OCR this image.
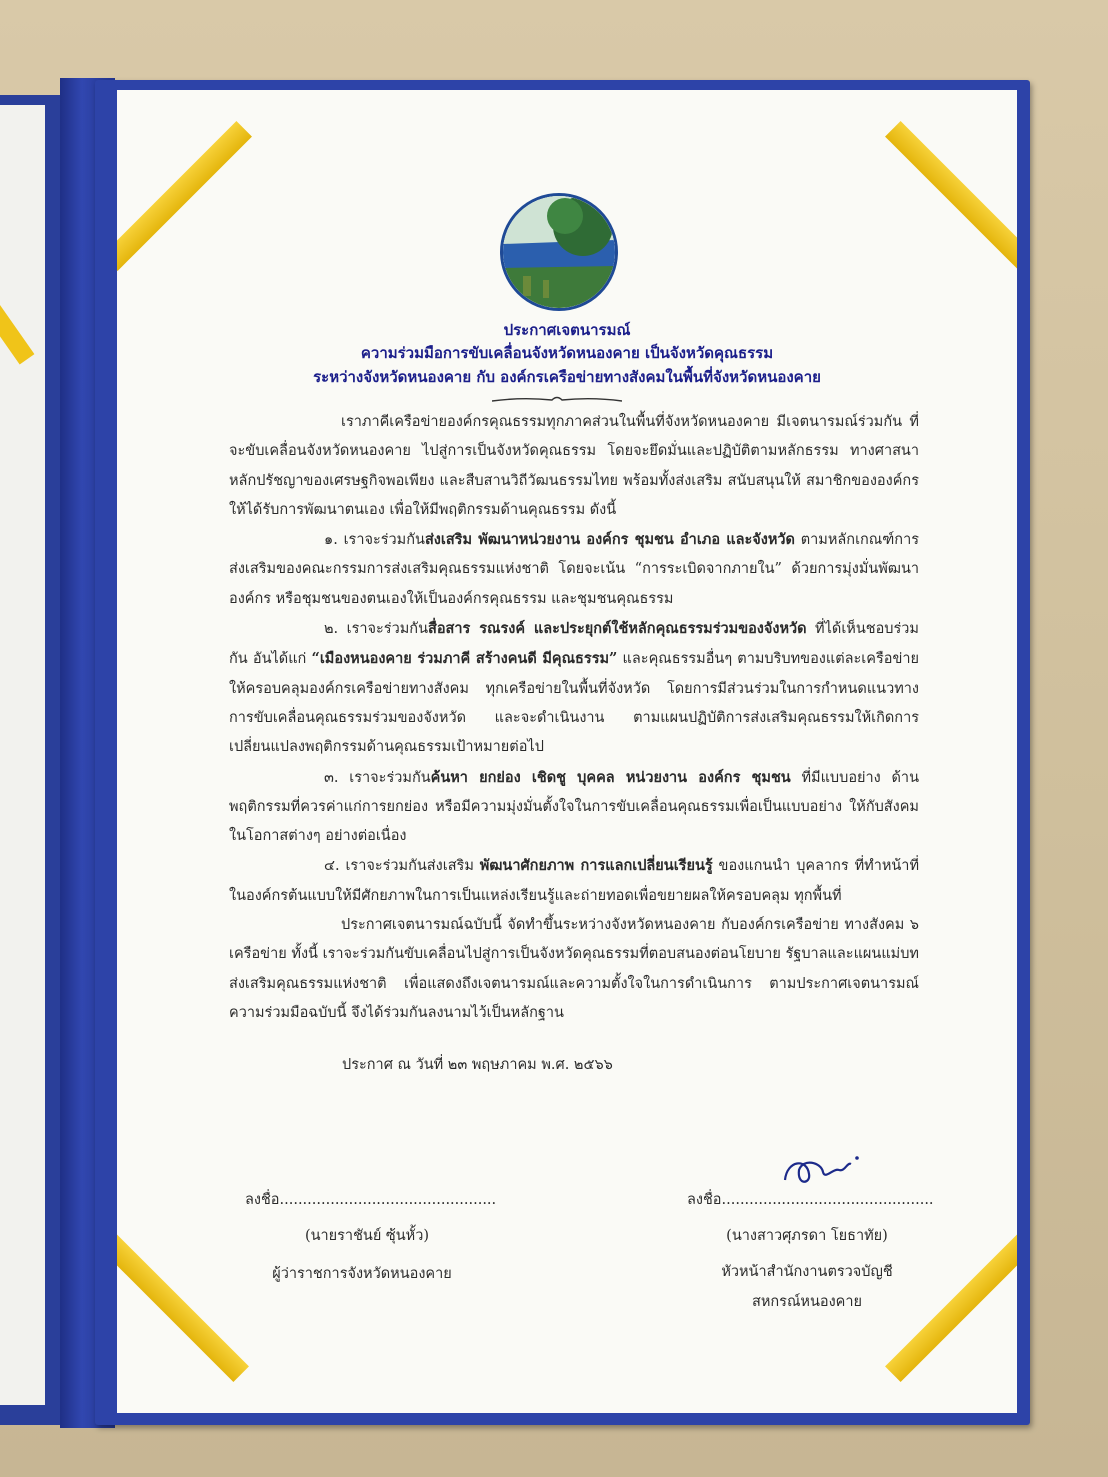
ประกาศเจตนารมณ์
ความร่วมมือการขับเคลื่อนจังหวัดหนองคาย เป็นจังหวัดคุณธรรม
ระหว่างจังหวัดหนองคาย กับ องค์กรเครือข่ายทางสังคมในพื้นที่จังหวัดหนองคาย

เราภาคีเครือข่ายองค์กรคุณธรรมทุกภาคส่วนในพื้นที่จังหวัดหนองคาย มีเจตนารมณ์ร่วมกัน ที่จะขับเคลื่อนจังหวัดหนองคาย ไปสู่การเป็นจังหวัดคุณธรรม โดยจะยึดมั่นและปฏิบัติตามหลักธรรม ทางศาสนา หลักปรัชญาของเศรษฐกิจพอเพียง และสืบสานวิถีวัฒนธรรมไทย พร้อมทั้งส่งเสริม สนับสนุนให้ สมาชิกขององค์กรให้ได้รับการพัฒนาตนเอง เพื่อให้มีพฤติกรรมด้านคุณธรรม ดังนี้

๑. เราจะร่วมกันส่งเสริม พัฒนาหน่วยงาน องค์กร ชุมชน อำเภอ และจังหวัด ตามหลักเกณฑ์การส่งเสริมของคณะกรรมการส่งเสริมคุณธรรมแห่งชาติ โดยจะเน้น “การระเบิดจากภายใน” ด้วยการมุ่งมั่นพัฒนาองค์กร หรือชุมชนของตนเองให้เป็นองค์กรคุณธรรม และชุมชนคุณธรรม

๒. เราจะร่วมกันสื่อสาร รณรงค์ และประยุกต์ใช้หลักคุณธรรมร่วมของจังหวัด ที่ได้เห็นชอบร่วมกัน อันได้แก่ “เมืองหนองคาย ร่วมภาคี สร้างคนดี มีคุณธรรม” และคุณธรรมอื่นๆ ตามบริบทของแต่ละเครือข่าย ให้ครอบคลุมองค์กรเครือข่ายทางสังคม ทุกเครือข่ายในพื้นที่จังหวัด โดยการมีส่วนร่วมในการกำหนดแนวทางการขับเคลื่อนคุณธรรมร่วมของจังหวัด และจะดำเนินงาน ตามแผนปฏิบัติการส่งเสริมคุณธรรมให้เกิดการเปลี่ยนแปลงพฤติกรรมด้านคุณธรรมเป้าหมายต่อไป

๓. เราจะร่วมกันค้นหา ยกย่อง เชิดชู บุคคล หน่วยงาน องค์กร ชุมชน ที่มีแบบอย่าง ด้านพฤติกรรมที่ควรค่าแก่การยกย่อง หรือมีความมุ่งมั่นตั้งใจในการขับเคลื่อนคุณธรรมเพื่อเป็นแบบอย่าง ให้กับสังคม ในโอกาสต่างๆ อย่างต่อเนื่อง

๔. เราจะร่วมกันส่งเสริม พัฒนาศักยภาพ การแลกเปลี่ยนเรียนรู้ ของแกนนำ บุคลากร ที่ทำหน้าที่ในองค์กรต้นแบบให้มีศักยภาพในการเป็นแหล่งเรียนรู้และถ่ายทอดเพื่อขยายผลให้ครอบคลุม ทุกพื้นที่

ประกาศเจตนารมณ์ฉบับนี้ จัดทำขึ้นระหว่างจังหวัดหนองคาย กับองค์กรเครือข่าย ทางสังคม ๖ เครือข่าย ทั้งนี้ เราจะร่วมกันขับเคลื่อนไปสู่การเป็นจังหวัดคุณธรรมที่ตอบสนองต่อนโยบาย รัฐบาลและแผนแม่บทส่งเสริมคุณธรรมแห่งชาติ เพื่อแสดงถึงเจตนารมณ์และความตั้งใจในการดำเนินการ ตามประกาศเจตนารมณ์ความร่วมมือฉบับนี้ จึงได้ร่วมกันลงนามไว้เป็นหลักฐาน

ประกาศ ณ วันที่ ๒๓ พฤษภาคม พ.ศ. ๒๕๖๖
ลงชื่อ...............................................
(นายราชันย์ ซุ้นหั้ว)
ผู้ว่าราชการจังหวัดหนองคาย
ลงชื่อ..............................................
(นางสาวศุภรดา โยธาทัย)
หัวหน้าสำนักงานตรวจบัญชี
สหกรณ์หนองคาย
